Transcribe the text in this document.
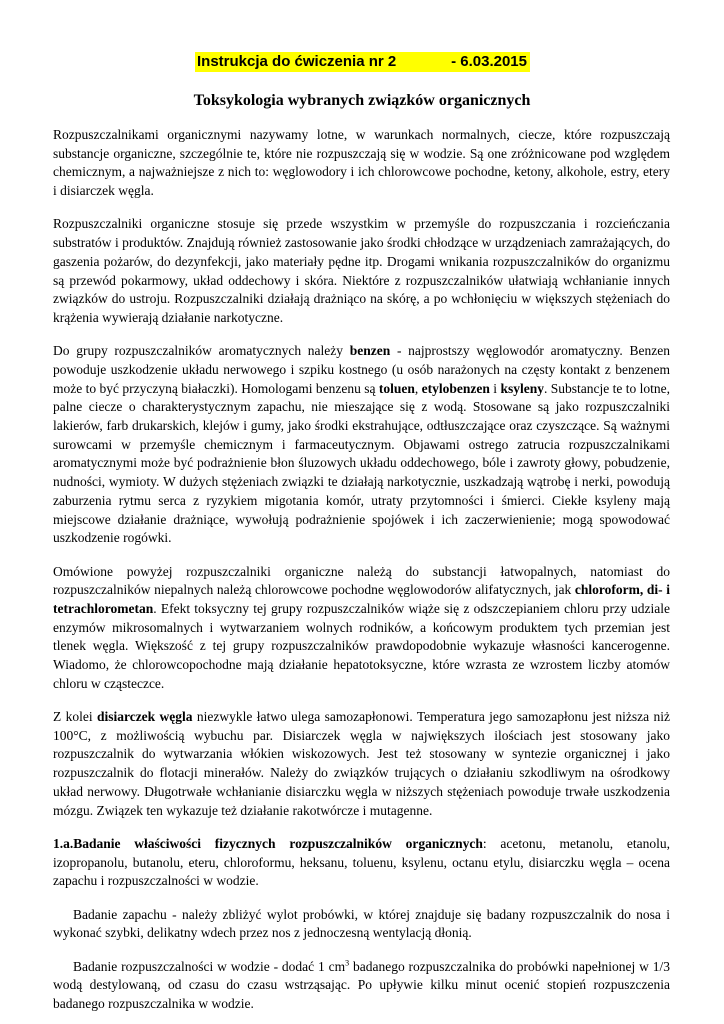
Instrukcja do ćwiczenia nr 2	- 6.03.2015
Toksykologia wybranych związków organicznych

Rozpuszczalnikami organicznymi nazywamy lotne, w warunkach normalnych, ciecze, które rozpuszczają substancje organiczne, szczególnie te, które nie rozpuszczają się w wodzie. Są one zróżnicowane pod względem chemicznym, a najważniejsze z nich to: węglowodory i ich chlorowcowe pochodne, ketony, alkohole, estry, etery i disiarczek węgla.

Rozpuszczalniki organiczne stosuje się przede wszystkim w przemyśle do rozpuszczania i rozcieńczania substratów i produktów. Znajdują również zastosowanie jako środki chłodzące w urządzeniach zamrażających, do gaszenia pożarów, do dezynfekcji, jako materiały pędne itp. Drogami wnikania rozpuszczalników do organizmu są przewód pokarmowy, układ oddechowy i skóra. Niektóre z rozpuszczalników ułatwiają wchłanianie innych związków do ustroju. Rozpuszczalniki działają drażniąco na skórę, a po wchłonięciu w większych stężeniach do krążenia wywierają działanie narkotyczne.

Do grupy rozpuszczalników aromatycznych należy benzen - najprostszy węglowodór aromatyczny. Benzen powoduje uszkodzenie układu nerwowego i szpiku kostnego (u osób narażonych na częsty kontakt z benzenem może to być przyczyną białaczki). Homologami benzenu są toluen, etylobenzen i ksyleny. Substancje te to lotne, palne ciecze o charakterystycznym zapachu, nie mieszające się z wodą. Stosowane są jako rozpuszczalniki lakierów, farb drukarskich, klejów i gumy, jako środki ekstrahujące, odtłuszczające oraz czyszczące. Są ważnymi surowcami w przemyśle chemicznym i farmaceutycznym. Objawami ostrego zatrucia rozpuszczalnikami aromatycznymi może być podrażnienie błon śluzowych układu oddechowego, bóle i zawroty głowy, pobudzenie, nudności, wymioty. W dużych stężeniach związki te działają narkotycznie, uszkadzają wątrobę i nerki, powodują zaburzenia rytmu serca z ryzykiem migotania komór, utraty przytomności i śmierci. Ciekłe ksyleny mają miejscowe działanie drażniące, wywołują podrażnienie spojówek i ich zaczerwienienie; mogą spowodować uszkodzenie rogówki.

Omówione powyżej rozpuszczalniki organiczne należą do substancji łatwopalnych, natomiast do rozpuszczalników niepalnych należą chlorowcowe pochodne węglowodorów alifatycznych, jak chloroform, di- i tetrachlorometan. Efekt toksyczny tej grupy rozpuszczalników wiąże się z odszczepianiem chloru przy udziale enzymów mikrosomalnych i wytwarzaniem wolnych rodników, a końcowym produktem tych przemian jest tlenek węgla. Większość z tej grupy rozpuszczalników prawdopodobnie wykazuje własności kancerogenne. Wiadomo, że chlorowcopochodne mają działanie hepatotoksyczne, które wzrasta ze wzrostem liczby atomów chloru w cząsteczce.

Z kolei disiarczek węgla niezwykle łatwo ulega samozapłonowi. Temperatura jego samozapłonu jest niższa niż 100°C, z możliwością wybuchu par. Disiarczek węgla w największych ilościach jest stosowany jako rozpuszczalnik do wytwarzania włókien wiskozowych. Jest też stosowany w syntezie organicznej i jako rozpuszczalnik do flotacji minerałów. Należy do związków trujących o działaniu szkodliwym na ośrodkowy układ nerwowy. Długotrwałe wchłanianie disiarczku węgla w niższych stężeniach powoduje trwałe uszkodzenia mózgu. Związek ten wykazuje też działanie rakotwórcze i mutagenne.

1.a.Badanie właściwości fizycznych rozpuszczalników organicznych: acetonu, metanolu, etanolu, izopropanolu, butanolu, eteru, chloroformu, heksanu, toluenu, ksylenu, octanu etylu, disiarczku węgla – ocena zapachu i rozpuszczalności w wodzie.

Badanie zapachu - należy zbliżyć wylot probówki, w której znajduje się badany rozpuszczalnik do nosa i wykonać szybki, delikatny wdech przez nos z jednoczesną wentylacją dłonią.

Badanie rozpuszczalności w wodzie - dodać 1 $cm^3$ badanego rozpuszczalnika do probówki napełnionej w 1/3 wodą destylowaną, od czasu do czasu wstrząsając. Po upływie kilku minut ocenić stopień rozpuszczenia badanego rozpuszczalnika w wodzie.
